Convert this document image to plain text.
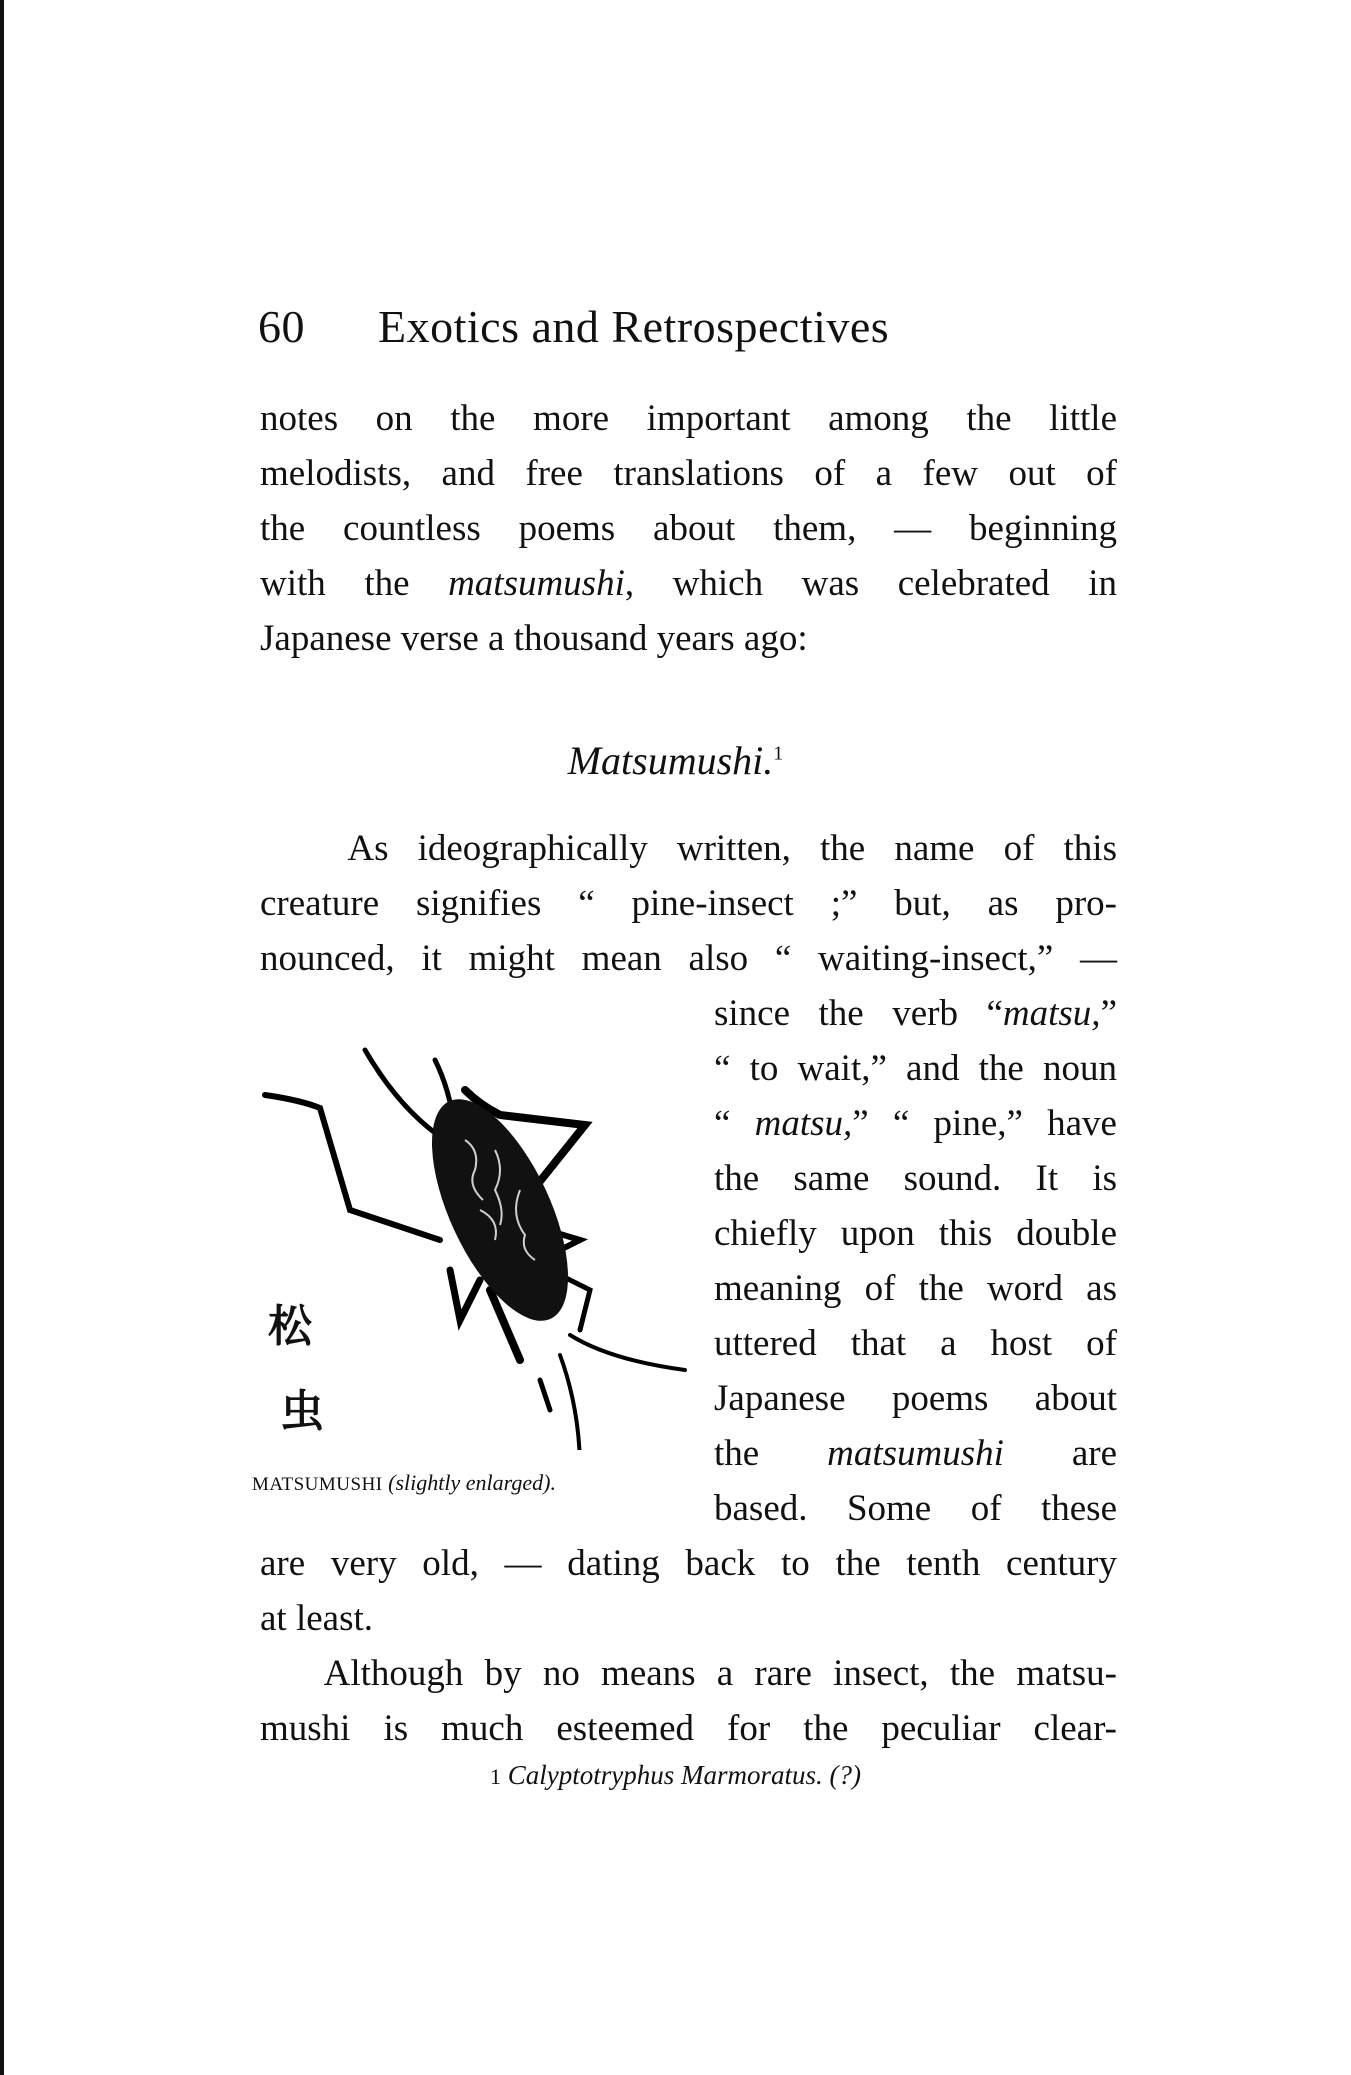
60 Exotics and Retrospectives
notes on the more important among the little
melodists, and free translations of a few out of
the countless poems about them, — beginning
with the matsumushi, which was celebrated in
Japanese verse a thousand years ago:
Matsumushi.$^1$
As ideographically written, the name of this
creature signifies “ pine-insect ;” but, as pro-
nounced, it might mean also “ waiting-insect,” —
since the verb “matsu,”
“ to wait,” and the noun
“ matsu,” “ pine,” have
the same sound. It is
chiefly upon this double
meaning of the word as
uttered that a host of
Japanese poems about
the matsumushi are
based. Some of these
松
虫
MATSUMUSHI (slightly enlarged).
are very old, — dating back to the tenth century
at least.
Although by no means a rare insect, the matsu-
mushi is much esteemed for the peculiar clear-
1 Calyptotryphus Marmoratus. (?)
